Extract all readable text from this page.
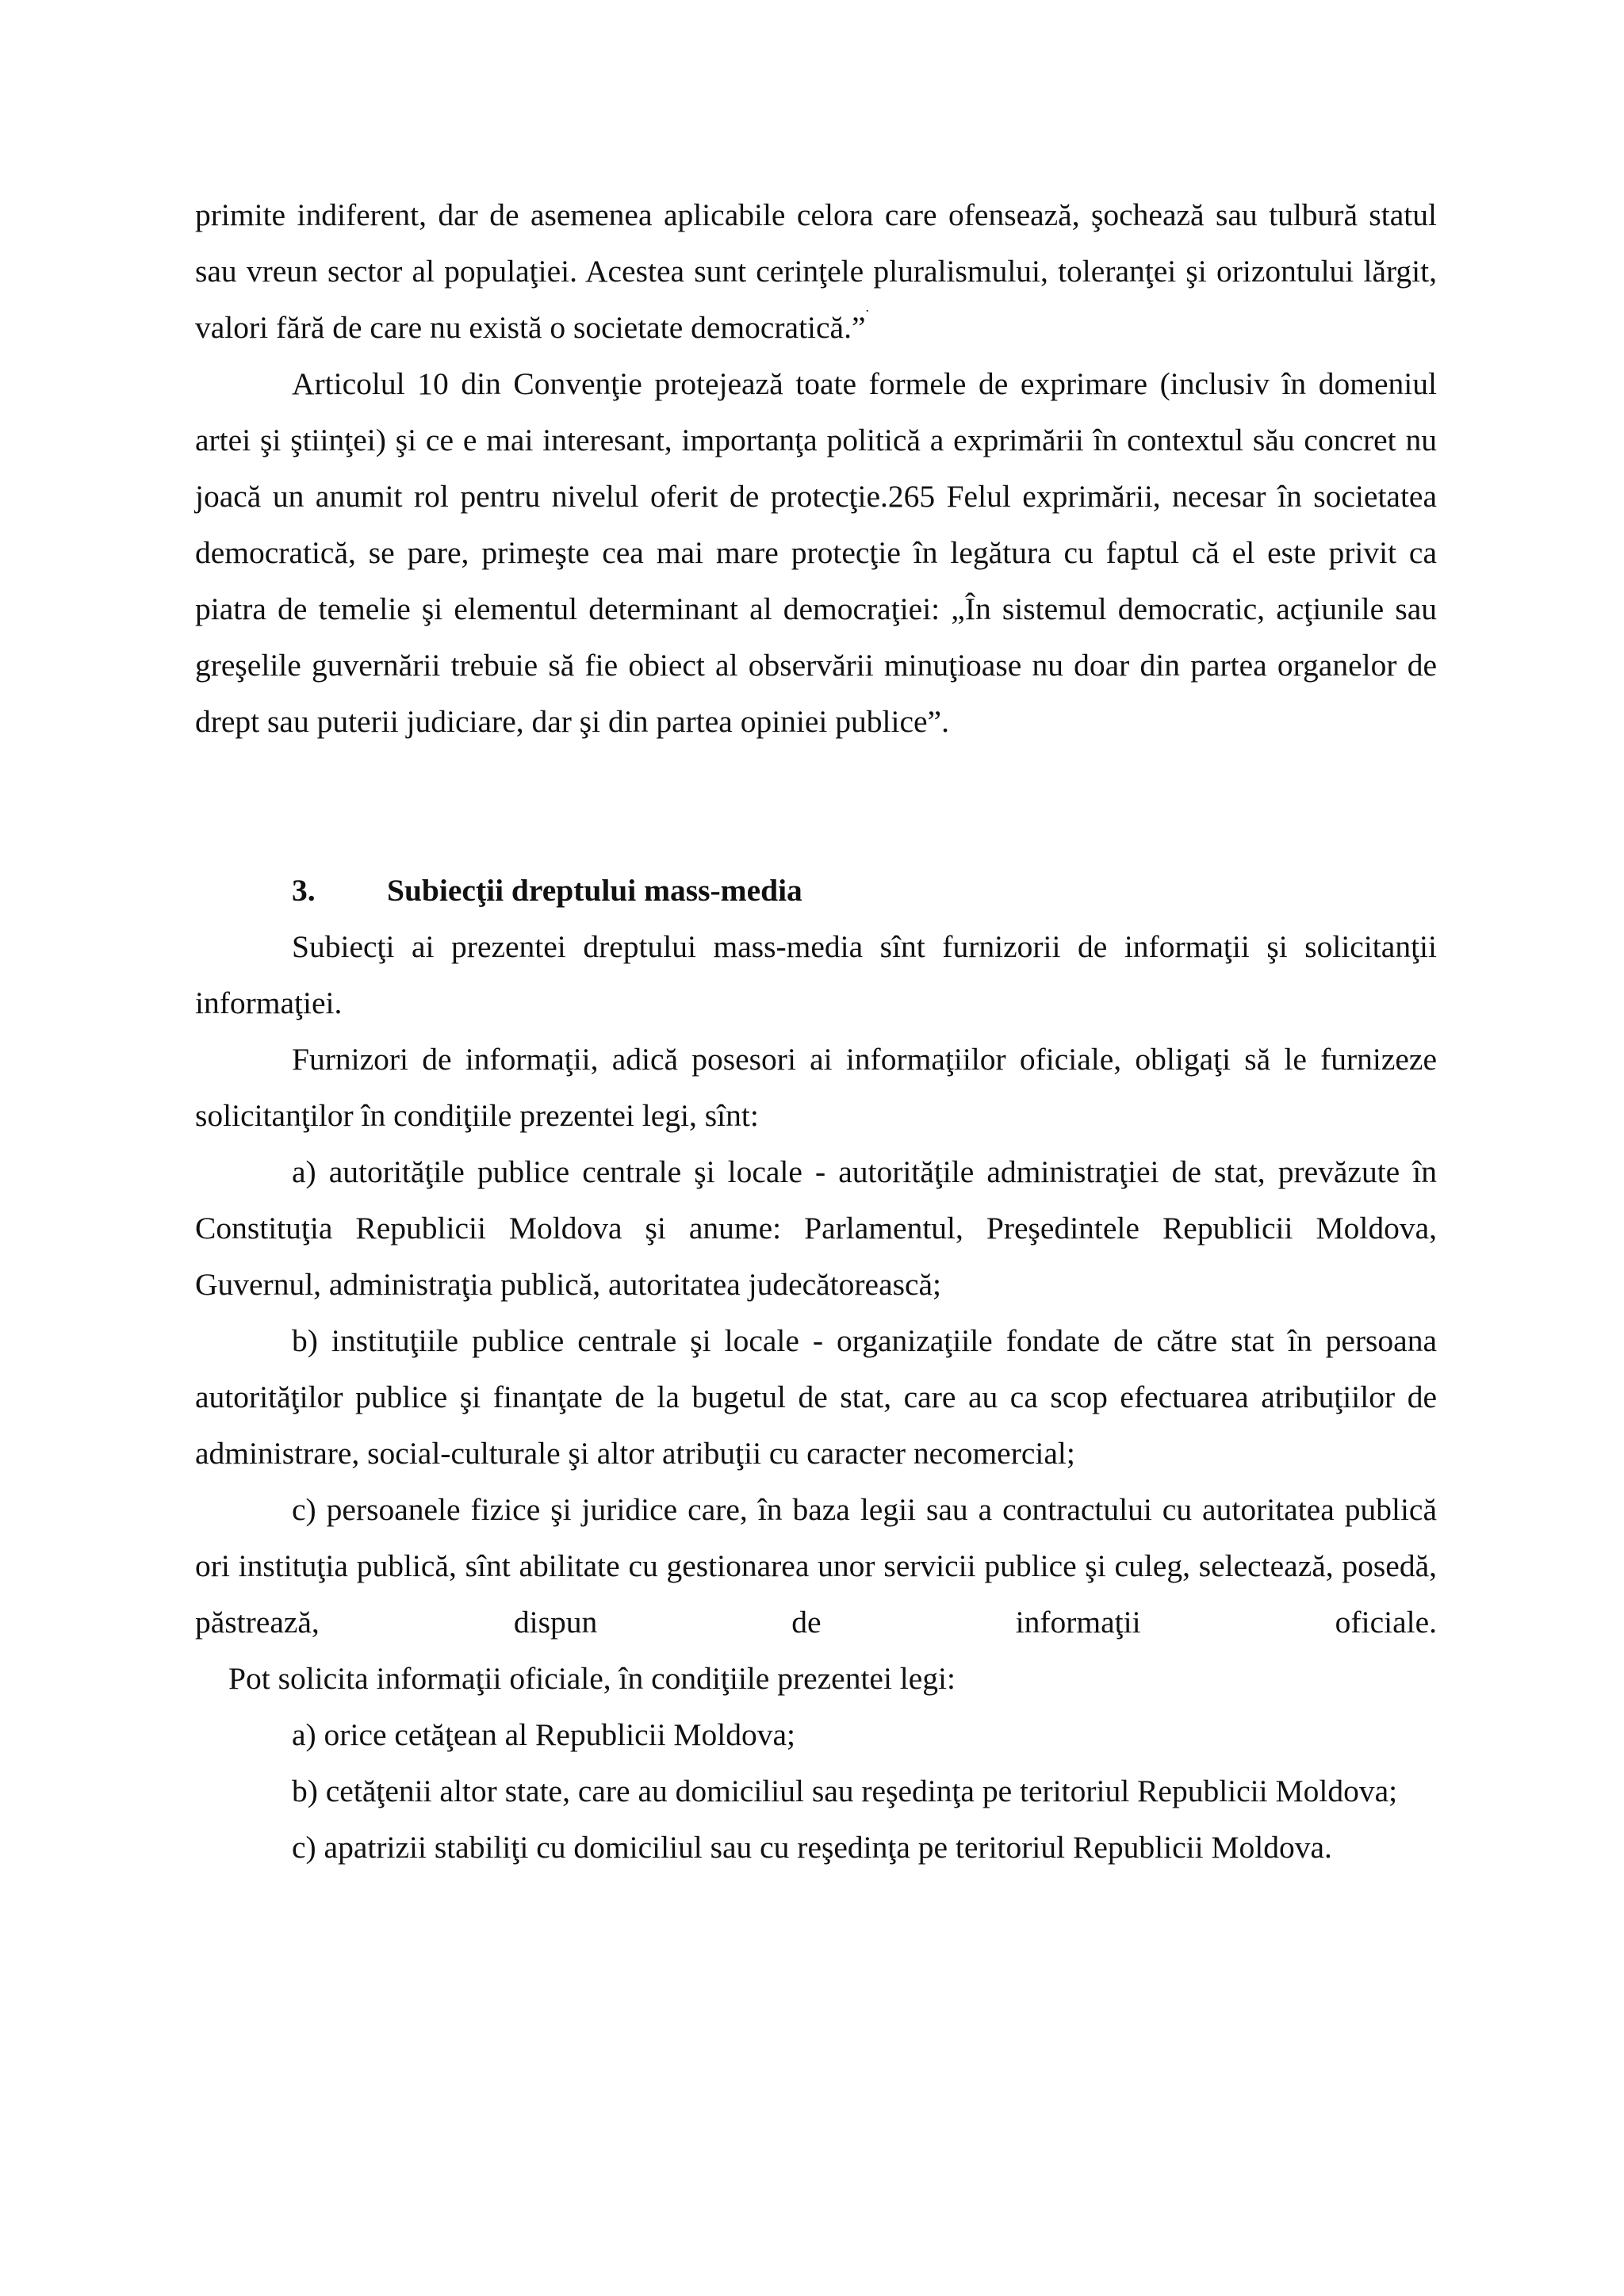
primite indiferent, dar de asemenea aplicabile celora care ofensează, şochează sau tulbură statul sau vreun sector al populaţiei. Acestea sunt cerinţele pluralismului, toleranţei şi orizontului lărgit, valori fără de care nu există o societate democratică.”.

Articolul 10 din Convenţie protejează toate formele de exprimare (inclusiv în domeniul artei şi ştiinţei) şi ce e mai interesant, importanţa politică a exprimării în contextul său concret nu joacă un anumit rol pentru nivelul oferit de protecţie.265 Felul exprimării, necesar în societatea democratică, se pare, primeşte cea mai mare protecţie în legătura cu faptul că el este privit ca piatra de temelie şi elementul determinant al democraţiei: „În sistemul democratic, acţiunile sau greşelile guvernării trebuie să fie obiect al observării minuţioase nu doar din partea organelor de drept sau puterii judiciare, dar şi din partea opiniei publice”.

3. Subiecţii dreptului mass-media

Subiecţi ai prezentei dreptului mass-media sînt furnizorii de informaţii şi solicitanţii informaţiei.

Furnizori de informaţii, adică posesori ai informaţiilor oficiale, obligaţi să le furnizeze solicitanţilor în condiţiile prezentei legi, sînt:

a) autorităţile publice centrale şi locale - autorităţile administraţiei de stat, prevăzute în Constituţia Republicii Moldova şi anume: Parlamentul, Preşedintele Republicii Moldova, Guvernul, administraţia publică, autoritatea judecătorească;

b) instituţiile publice centrale şi locale - organizaţiile fondate de către stat în persoana autorităţilor publice şi finanţate de la bugetul de stat, care au ca scop efectuarea atribuţiilor de administrare, social-culturale şi altor atribuţii cu caracter necomercial;

c) persoanele fizice şi juridice care, în baza legii sau a contractului cu autoritatea publică ori instituţia publică, sînt abilitate cu gestionarea unor servicii publice şi culeg, selectează, posedă, păstrează, dispun de informaţii oficiale.

Pot solicita informaţii oficiale, în condiţiile prezentei legi:

a) orice cetăţean al Republicii Moldova;

b) cetăţenii altor state, care au domiciliul sau reşedinţa pe teritoriul Republicii Moldova;

c) apatrizii stabiliţi cu domiciliul sau cu reşedinţa pe teritoriul Republicii Moldova.
